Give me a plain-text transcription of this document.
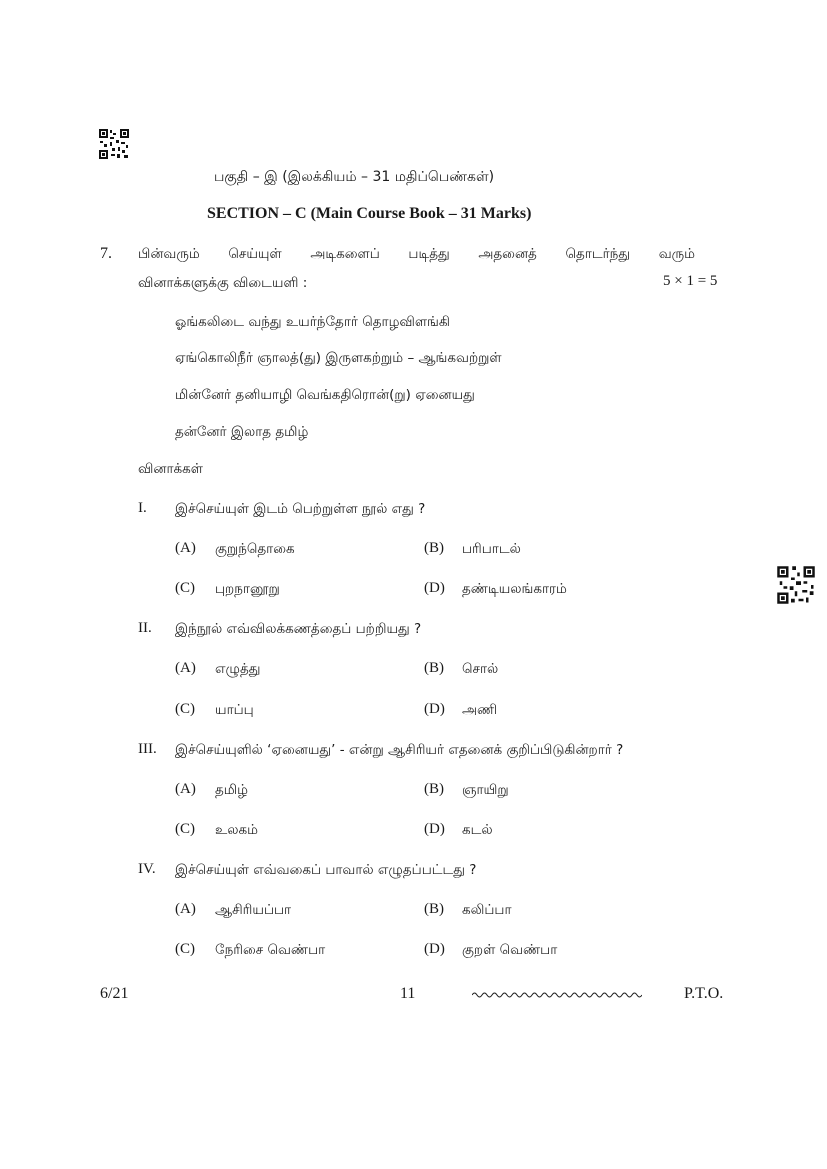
பகுதி – இ (இலக்கியம் – 31 மதிப்பெண்கள்)
SECTION – C (Main Course Book – 31 Marks)
7. பின்வரும் செய்யுள் அடிகளைப் படித்து அதனைத் தொடர்ந்து வரும்
வினாக்களுக்கு விடையளி :	5 × 1 = 5
ஓங்கலிடை வந்து உயர்ந்தோர் தொழவிளங்கி
ஏங்கொலிநீர் ஞாலத்(து) இருளகற்றும் – ஆங்கவற்றுள்
மின்னேர் தனியாழி வெங்கதிரொன்(று) ஏனையது
தன்னேர் இலாத தமிழ்
வினாக்கள்
I. இச்செய்யுள் இடம் பெற்றுள்ள நூல் எது ?
(A) குறுந்தொகை	(B) பரிபாடல்
(C) புறநானூறு	(D) தண்டியலங்காரம்
II. இந்நூல் எவ்விலக்கணத்தைப் பற்றியது ?
(A) எழுத்து	(B) சொல்
(C) யாப்பு	(D) அணி
III. இச்செய்யுளில் ‘ஏனையது’ - என்று ஆசிரியர் எதனைக் குறிப்பிடுகின்றார் ?
(A) தமிழ்	(B) ஞாயிறு
(C) உலகம்	(D) கடல்
IV. இச்செய்யுள் எவ்வகைப் பாவால் எழுதப்பட்டது ?
(A) ஆசிரியப்பா	(B) கலிப்பா
(C) நேரிசை வெண்பா	(D) குறள் வெண்பா
6/21	11	P.T.O.
